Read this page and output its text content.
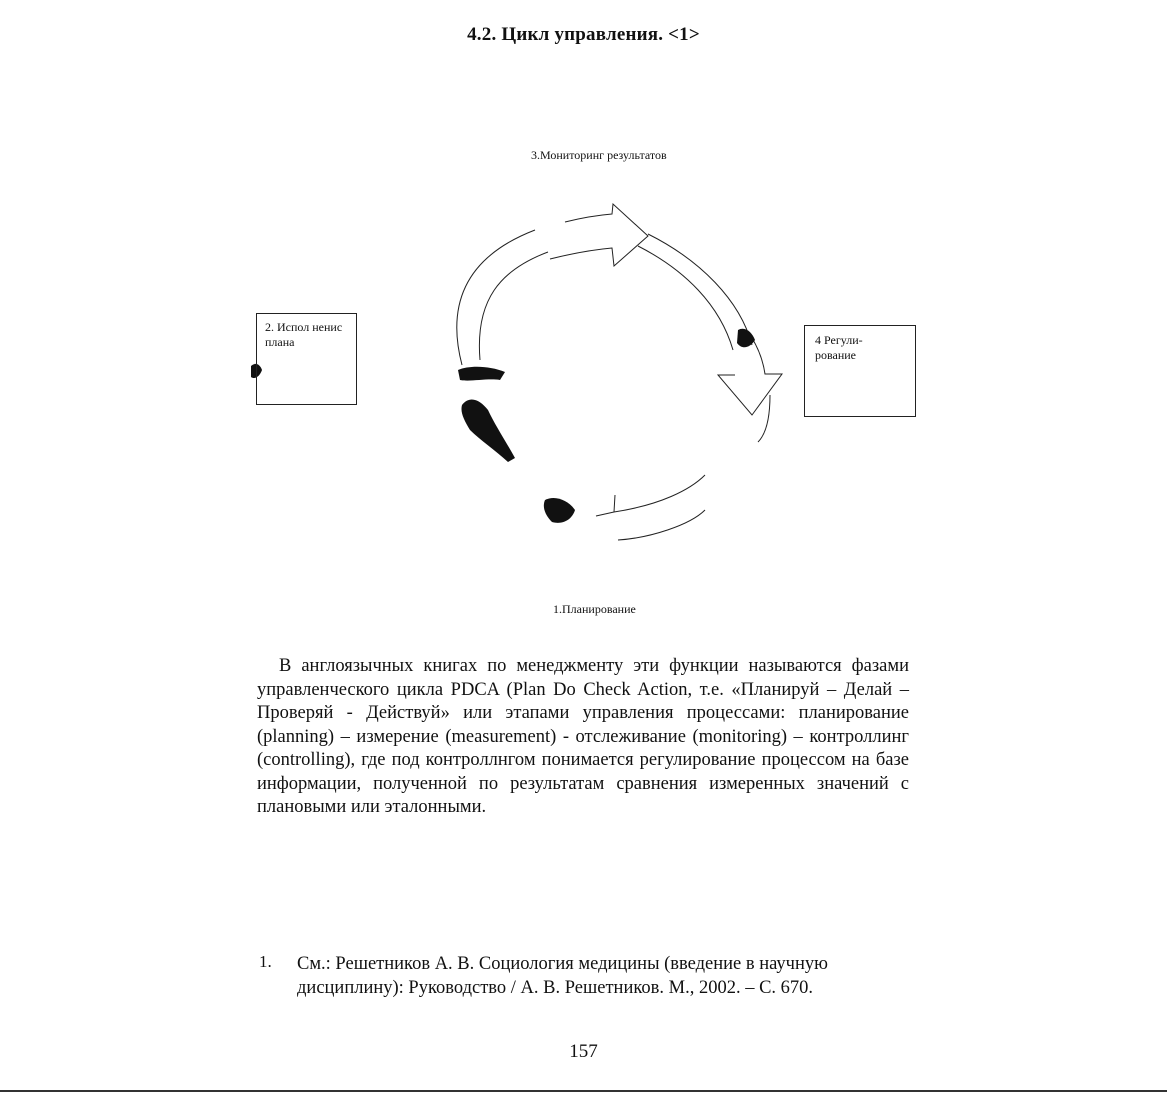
4.2. Цикл управления. <1>
3.Мониторинг результатов
2. Испол ненис плана	4 Регули- рование
1.Планирование

В англоязычных книгах по менеджменту эти функции называются фазами управленческого цикла PDCA (Plan Do Check Action, т.е. «Планируй – Делай – Проверяй - Действуй» или этапами управления процессами: планирование (planning) – измерение (measurement) - отслеживание (monitoring) – контроллинг (controlling), где под контроллнгом понимается регулирование процессом на базе информации, полученной по результатам сравнения измеренных значений с плановыми или эталонными.

1. См.: Решетников А. В. Социология медицины (введение в научную дисциплину): Руководство / А. В. Решетников. М., 2002. – С. 670.
157
